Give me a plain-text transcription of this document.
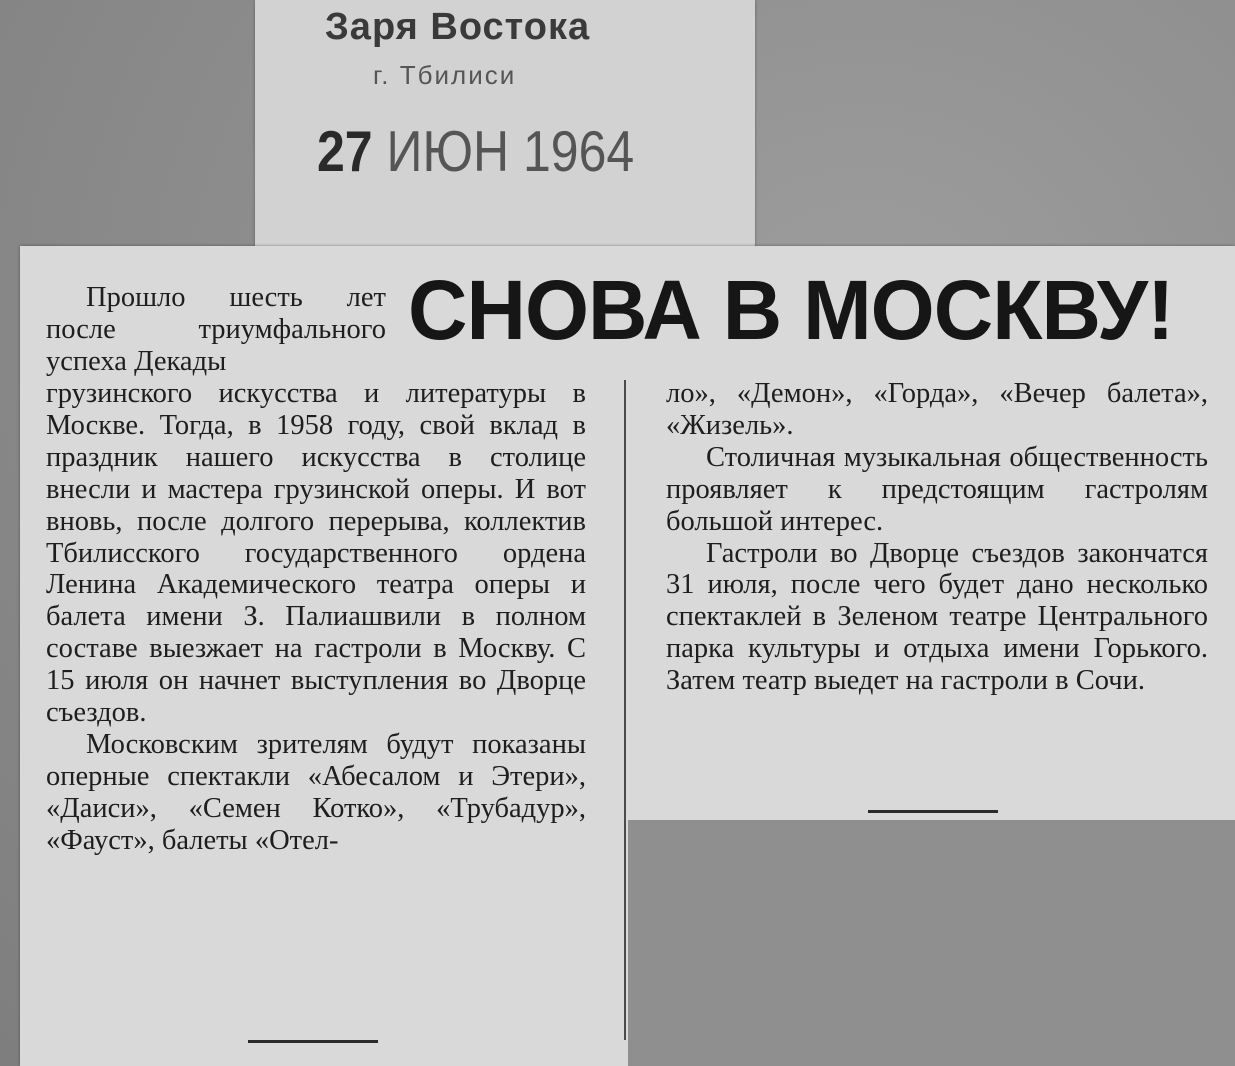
Заря Востока
г. Тбилиси
27 ИЮН 1964
СНОВА В МОСКВУ!

Прошло шесть лет после триумфального успеха Декады

грузинского искусства и литературы в Москве. Тогда, в 1958 году, свой вклад в праздник нашего искусства в столице внесли и мастера грузинской оперы. И вот вновь, после долгого перерыва, коллектив Тбилисского государственного ордена Ленина Академического театра оперы и балета имени З. Палиашвили в полном составе выезжает на гастроли в Москву. С 15 июля он начнет выступления во Дворце съездов.

Московским зрителям будут показаны оперные спектакли «Абесалом и Этери», «Даиси», «Семен Котко», «Трубадур», «Фауст», балеты «Отел-

ло», «Демон», «Горда», «Вечер балета», «Жизель».

Столичная музыкальная общественность проявляет к предстоящим гастролям большой интерес.

Гастроли во Дворце съездов закончатся 31 июля, после чего будет дано несколько спектаклей в Зеленом театре Центрального парка культуры и отдыха имени Горького. Затем театр выедет на гастроли в Сочи.
